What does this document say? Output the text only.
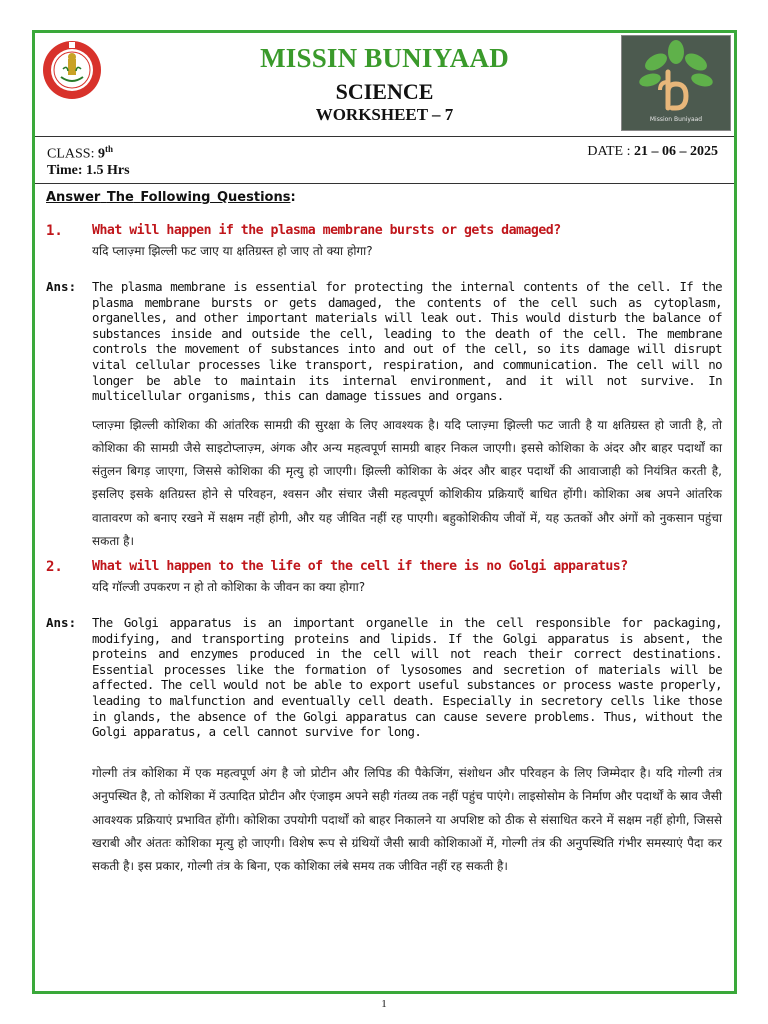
MISSIN BUNIYAAD
SCIENCE
WORKSHEET – 7	Mission Buniyaad
CLASS: 9th
Time: 1.5 Hrs
DATE : 21 – 06 – 2025
Answer The Following Questions:
1.	What will happen if the plasma membrane bursts or gets damaged?
यदि प्लाज़्मा झिल्ली फट जाए या क्षतिग्रस्त हो जाए तो क्या होगा?
Ans:	The plasma membrane is essential for protecting the internal contents of the cell. If the plasma membrane bursts or gets damaged, the contents of the cell such as cytoplasm, organelles, and other important materials will leak out. This would disturb the balance of substances inside and outside the cell, leading to the death of the cell. The membrane controls the movement of substances into and out of the cell, so its damage will disrupt vital cellular processes like transport, respiration, and communication. The cell will no longer be able to maintain its internal environment, and it will not survive. In multicellular organisms, this can damage tissues and organs.
प्लाज़्मा झिल्ली कोशिका की आंतरिक सामग्री की सुरक्षा के लिए आवश्यक है। यदि प्लाज़्मा झिल्ली फट जाती है या क्षतिग्रस्त हो जाती है, तो कोशिका की सामग्री जैसे साइटोप्लाज़्म, अंगक और अन्य महत्वपूर्ण सामग्री बाहर निकल जाएगी। इससे कोशिका के अंदर और बाहर पदार्थों का संतुलन बिगड़ जाएगा, जिससे कोशिका की मृत्यु हो जाएगी। झिल्ली कोशिका के अंदर और बाहर पदार्थों की आवाजाही को नियंत्रित करती है, इसलिए इसके क्षतिग्रस्त होने से परिवहन, श्वसन और संचार जैसी महत्वपूर्ण कोशिकीय प्रक्रियाएँ बाधित होंगी। कोशिका अब अपने आंतरिक वातावरण को बनाए रखने में सक्षम नहीं होगी, और यह जीवित नहीं रह पाएगी। बहुकोशिकीय जीवों में, यह ऊतकों और अंगों को नुकसान पहुंचा सकता है।
2.	What will happen to the life of the cell if there is no Golgi apparatus?
यदि गॉल्जी उपकरण न हो तो कोशिका के जीवन का क्या होगा?
Ans:	The Golgi apparatus is an important organelle in the cell responsible for packaging, modifying, and transporting proteins and lipids. If the Golgi apparatus is absent, the proteins and enzymes produced in the cell will not reach their correct destinations. Essential processes like the formation of lysosomes and secretion of materials will be affected. The cell would not be able to export useful substances or process waste properly, leading to malfunction and eventually cell death. Especially in secretory cells like those in glands, the absence of the Golgi apparatus can cause severe problems. Thus, without the Golgi apparatus, a cell cannot survive for long.
गोल्गी तंत्र कोशिका में एक महत्वपूर्ण अंग है जो प्रोटीन और लिपिड की पैकेजिंग, संशोधन और परिवहन के लिए जिम्मेदार है। यदि गोल्गी तंत्र अनुपस्थित है, तो कोशिका में उत्पादित प्रोटीन और एंजाइम अपने सही गंतव्य तक नहीं पहुंच पाएंगे। लाइसोसोम के निर्माण और पदार्थों के स्राव जैसी आवश्यक प्रक्रियाएं प्रभावित होंगी। कोशिका उपयोगी पदार्थों को बाहर निकालने या अपशिष्ट को ठीक से संसाधित करने में सक्षम नहीं होगी, जिससे खराबी और अंततः कोशिका मृत्यु हो जाएगी। विशेष रूप से ग्रंथियों जैसी स्रावी कोशिकाओं में, गोल्गी तंत्र की अनुपस्थिति गंभीर समस्याएं पैदा कर सकती है। इस प्रकार, गोल्गी तंत्र के बिना, एक कोशिका लंबे समय तक जीवित नहीं रह सकती है।
1
